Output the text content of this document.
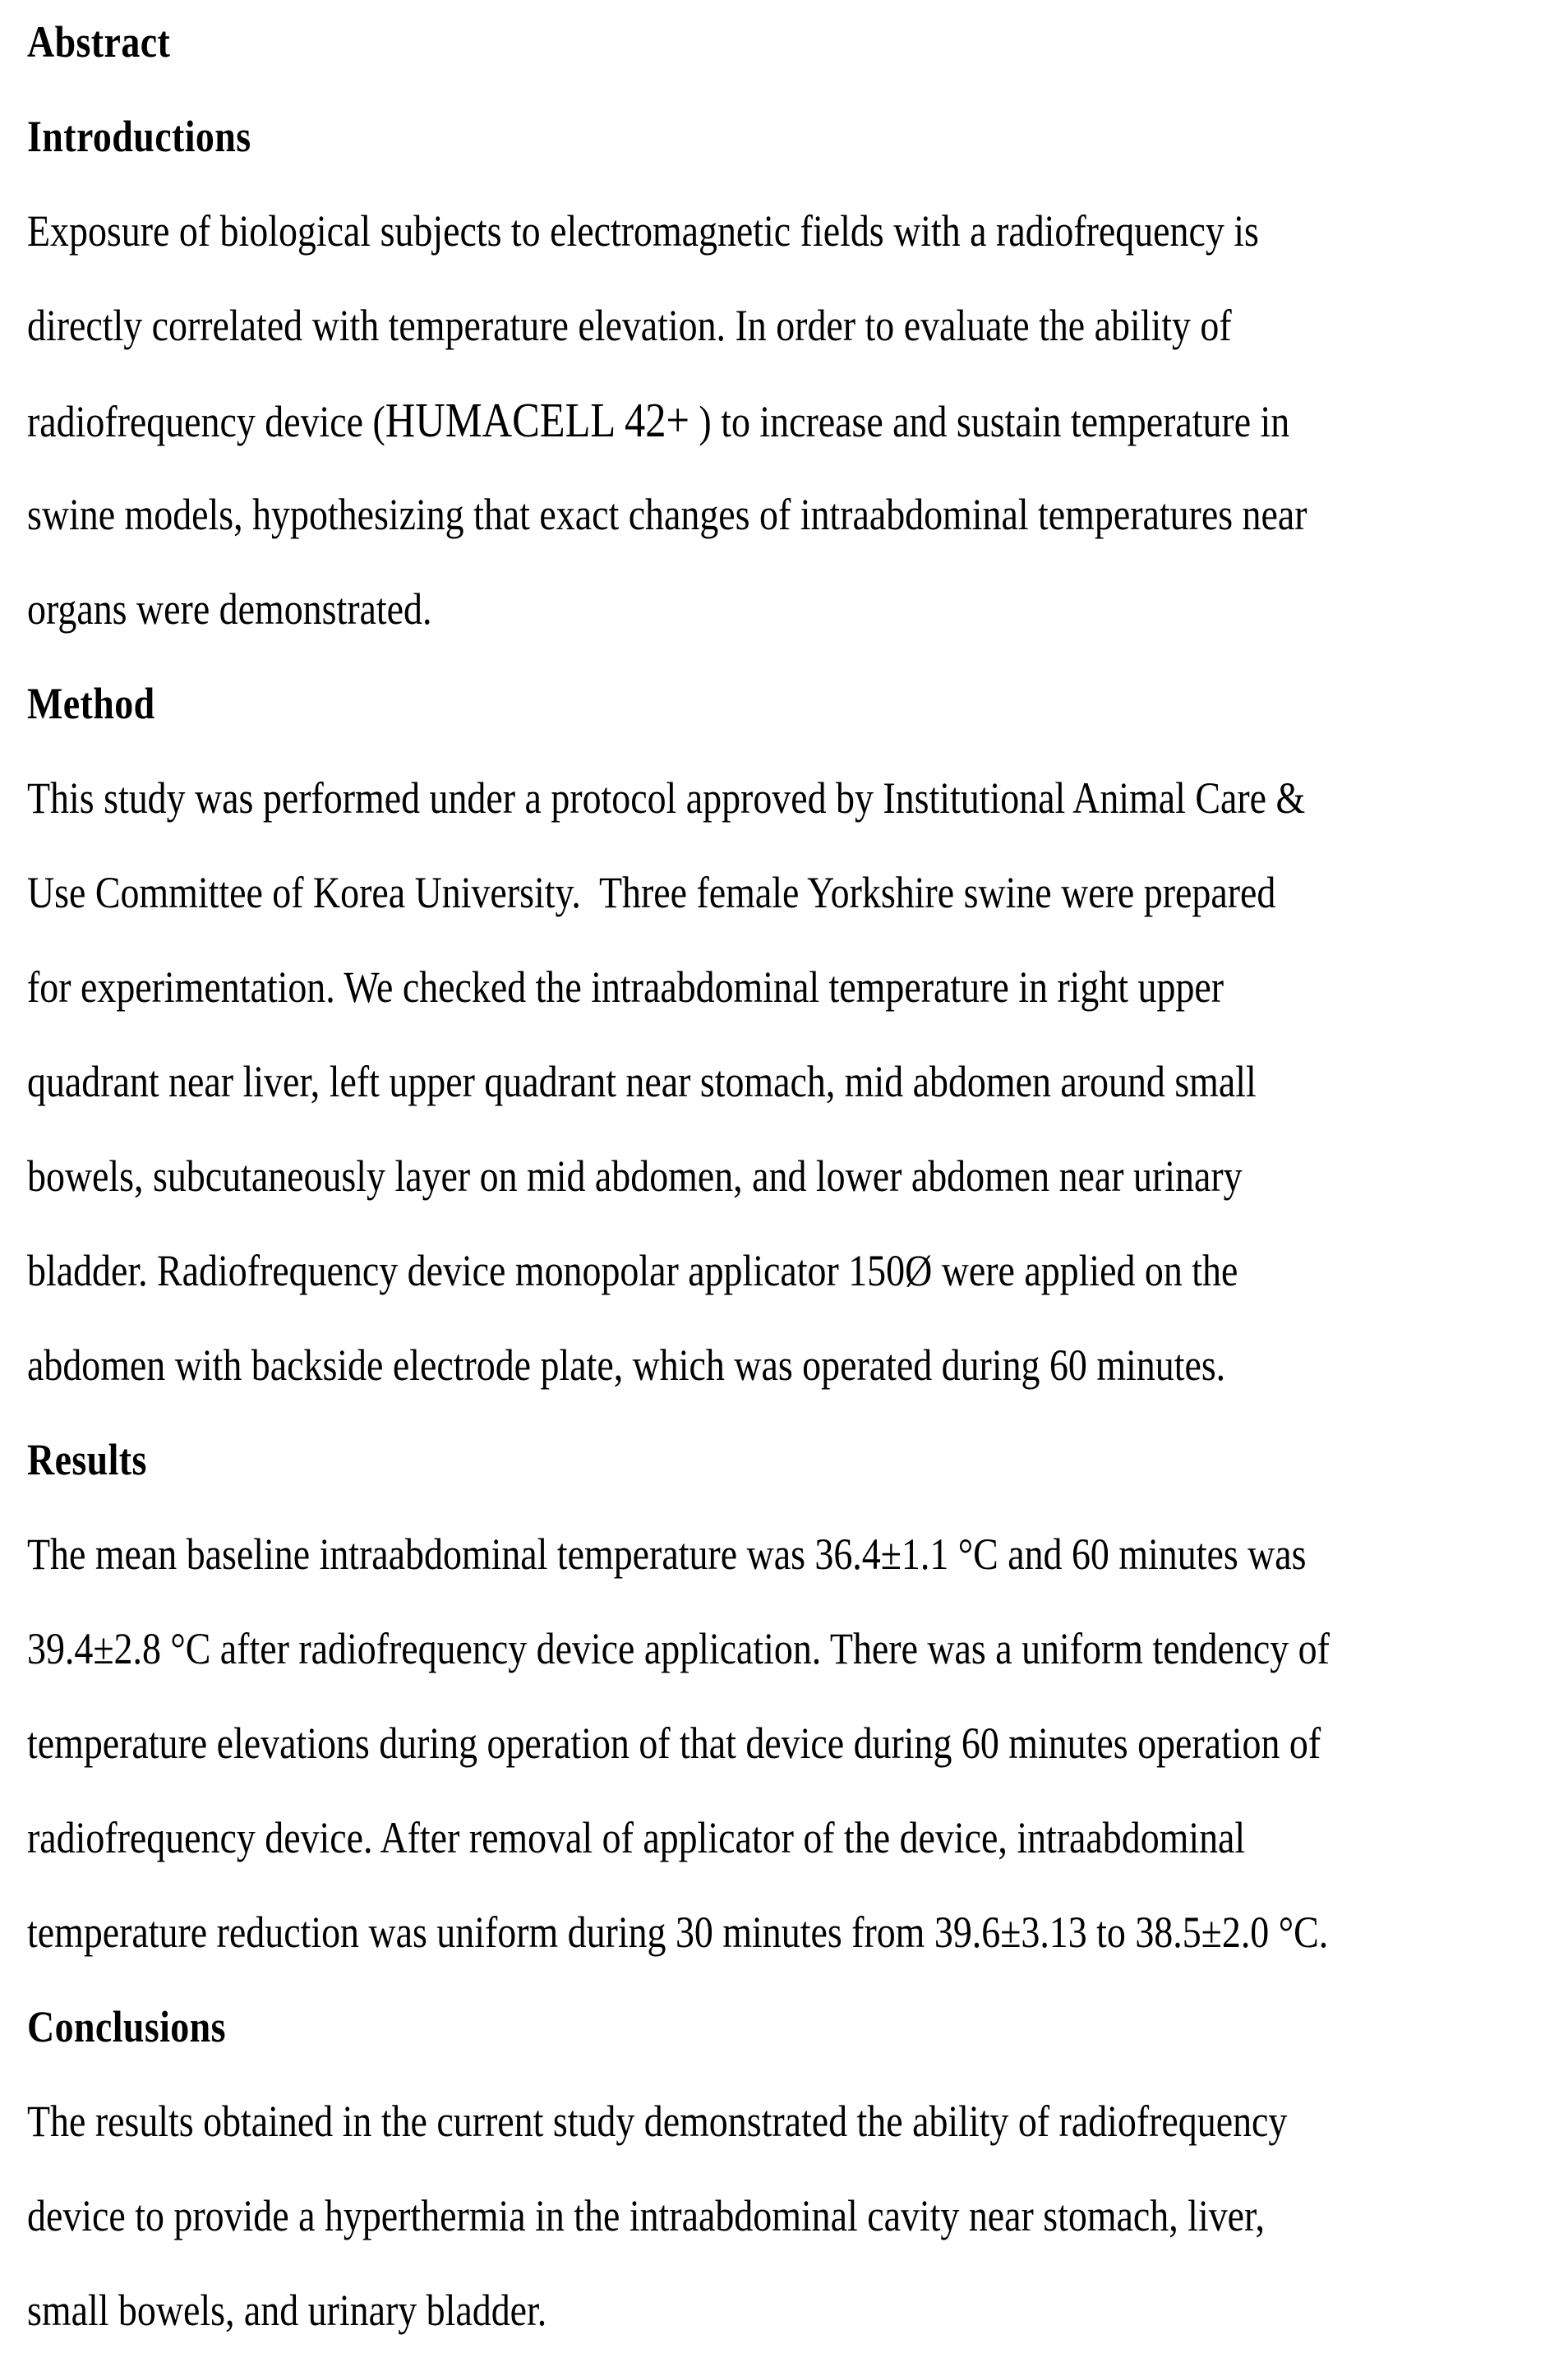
Abstract
Introductions
Exposure of biological subjects to electromagnetic fields with a radiofrequency is
directly correlated with temperature elevation. In order to evaluate the ability of
radiofrequency device (HUMACELL 42+ ) to increase and sustain temperature in
swine models, hypothesizing that exact changes of intraabdominal temperatures near
organs were demonstrated.
Method
This study was performed under a protocol approved by Institutional Animal Care &
Use Committee of Korea University.  Three female Yorkshire swine were prepared
for experimentation. We checked the intraabdominal temperature in right upper
quadrant near liver, left upper quadrant near stomach, mid abdomen around small
bowels, subcutaneously layer on mid abdomen, and lower abdomen near urinary
bladder. Radiofrequency device monopolar applicator 150Ø were applied on the
abdomen with backside electrode plate, which was operated during 60 minutes.
Results
The mean baseline intraabdominal temperature was 36.4±1.1 °C and 60 minutes was
39.4±2.8 °C after radiofrequency device application. There was a uniform tendency of
temperature elevations during operation of that device during 60 minutes operation of
radiofrequency device. After removal of applicator of the device, intraabdominal
temperature reduction was uniform during 30 minutes from 39.6±3.13 to 38.5±2.0 °C.
Conclusions
The results obtained in the current study demonstrated the ability of radiofrequency
device to provide a hyperthermia in the intraabdominal cavity near stomach, liver,
small bowels, and urinary bladder.
